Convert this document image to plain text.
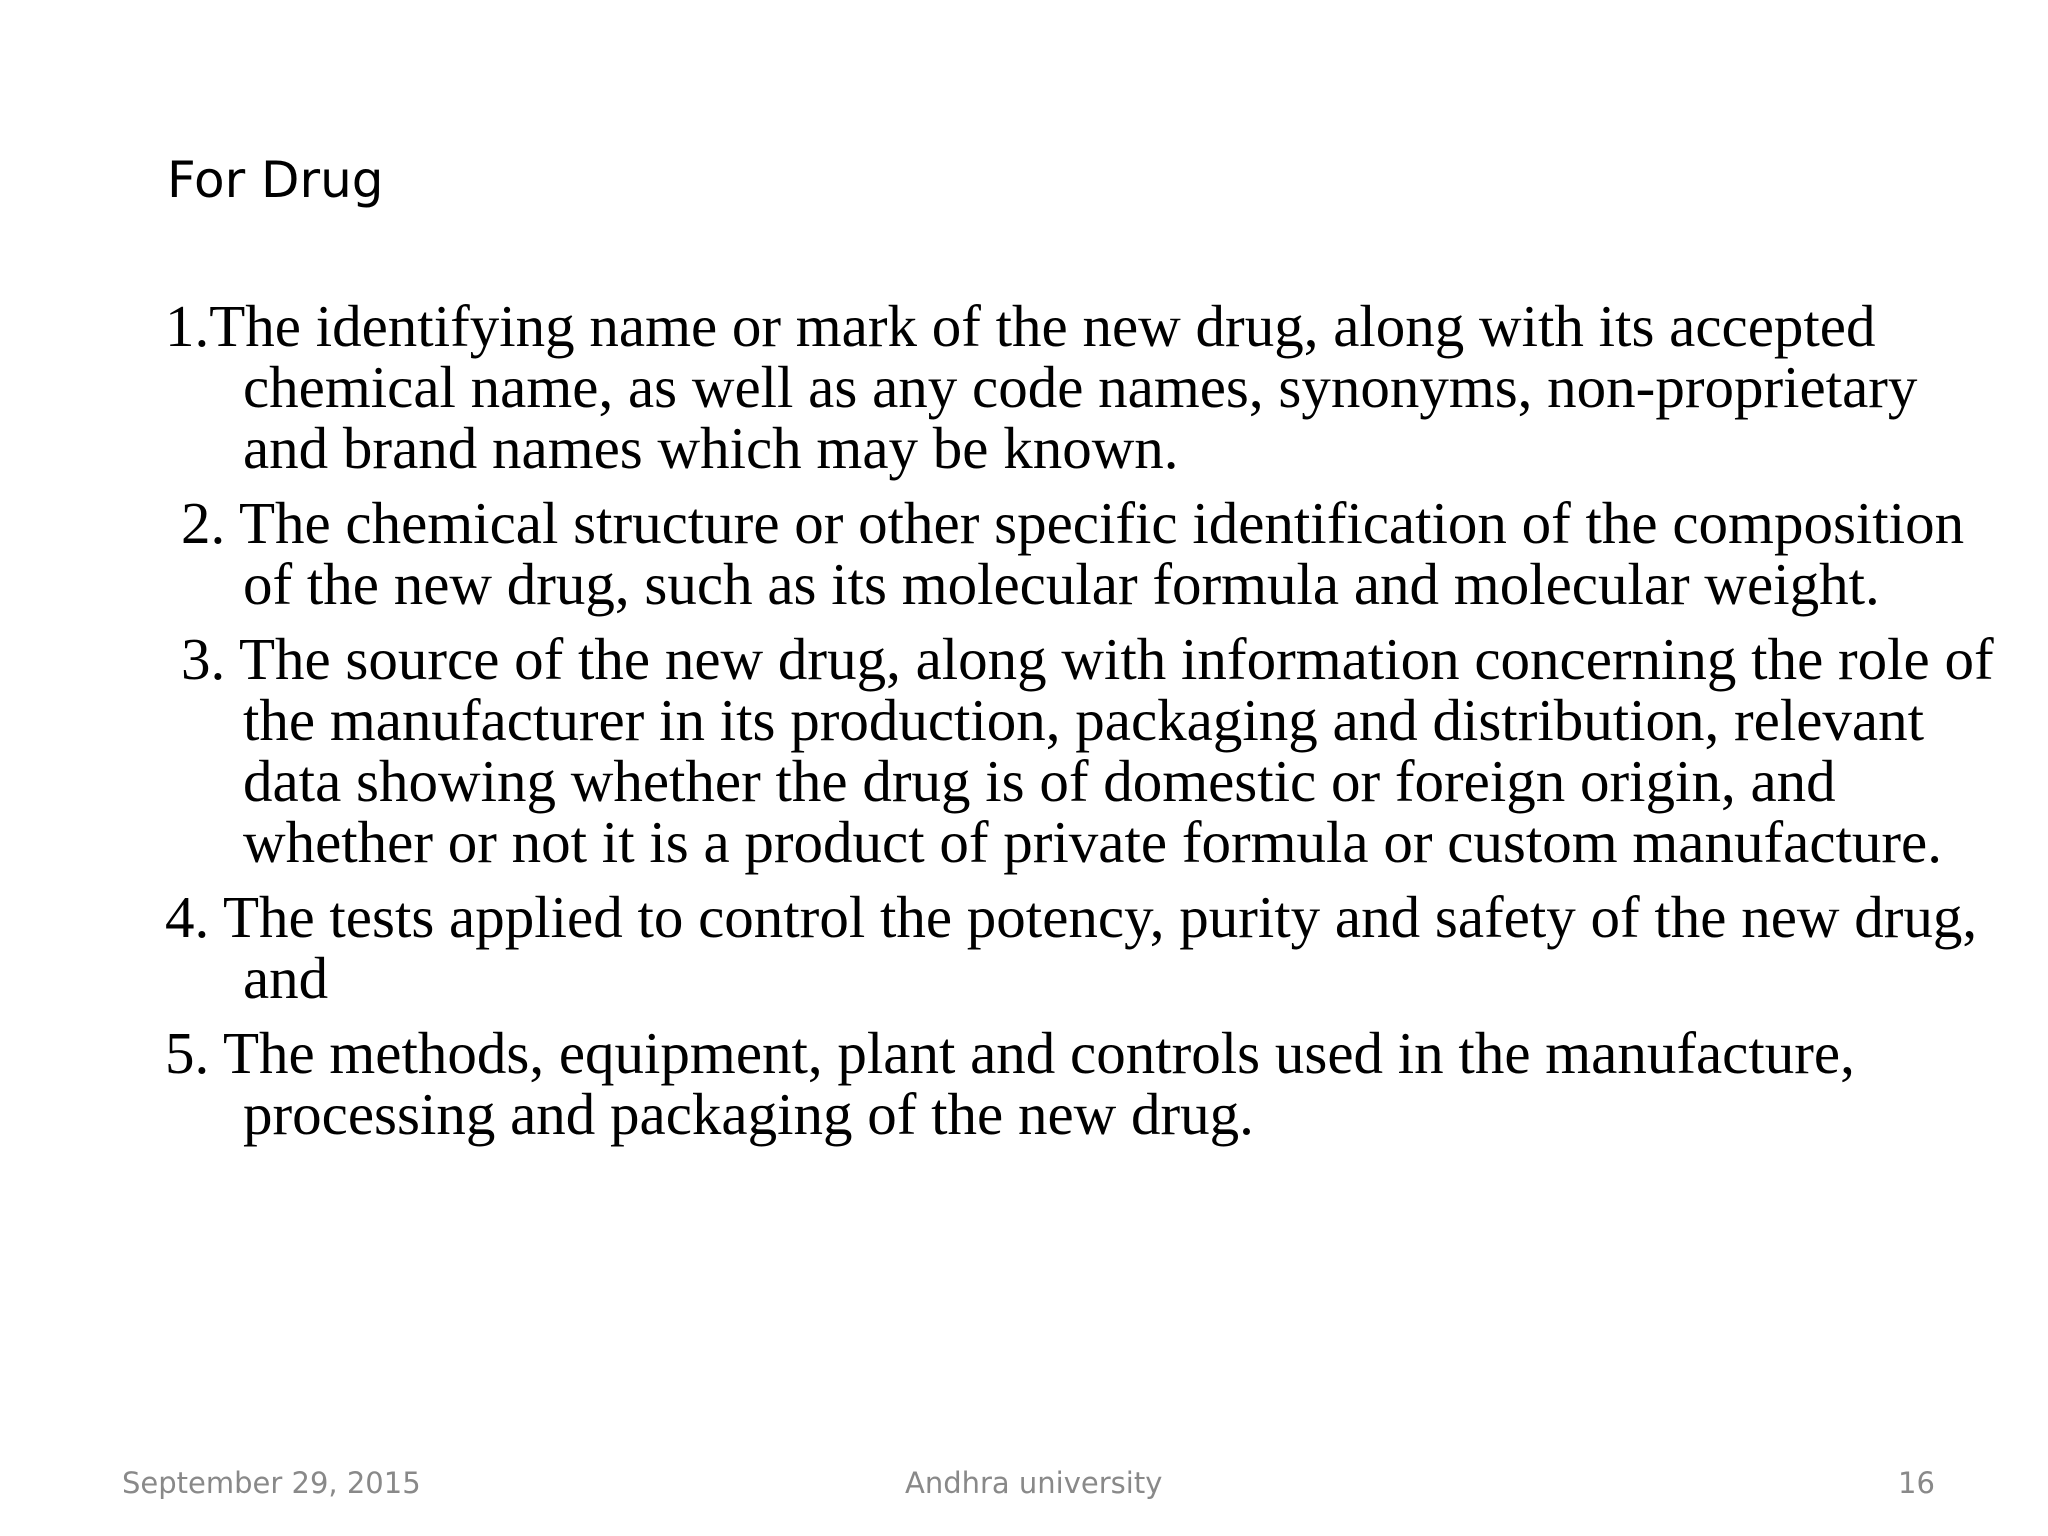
For Drug

1.The identifying name or mark of the new drug, along with its accepted chemical name, as well as any code names, synonyms, non-proprietary and brand names which may be known.

2. The chemical structure or other specific identification of the composition of the new drug, such as its molecular formula and molecular weight.

3. The source of the new drug, along with information concerning the role of the manufacturer in its production, packaging and distribution, relevant data showing whether the drug is of domestic or foreign origin, and whether or not it is a product of private formula or custom manufacture.

4. The tests applied to control the potency, purity and safety of the new drug, and

5. The methods, equipment, plant and controls used in the manufacture, processing and packaging of the new drug.

September 29, 2015	Andhra university	16
